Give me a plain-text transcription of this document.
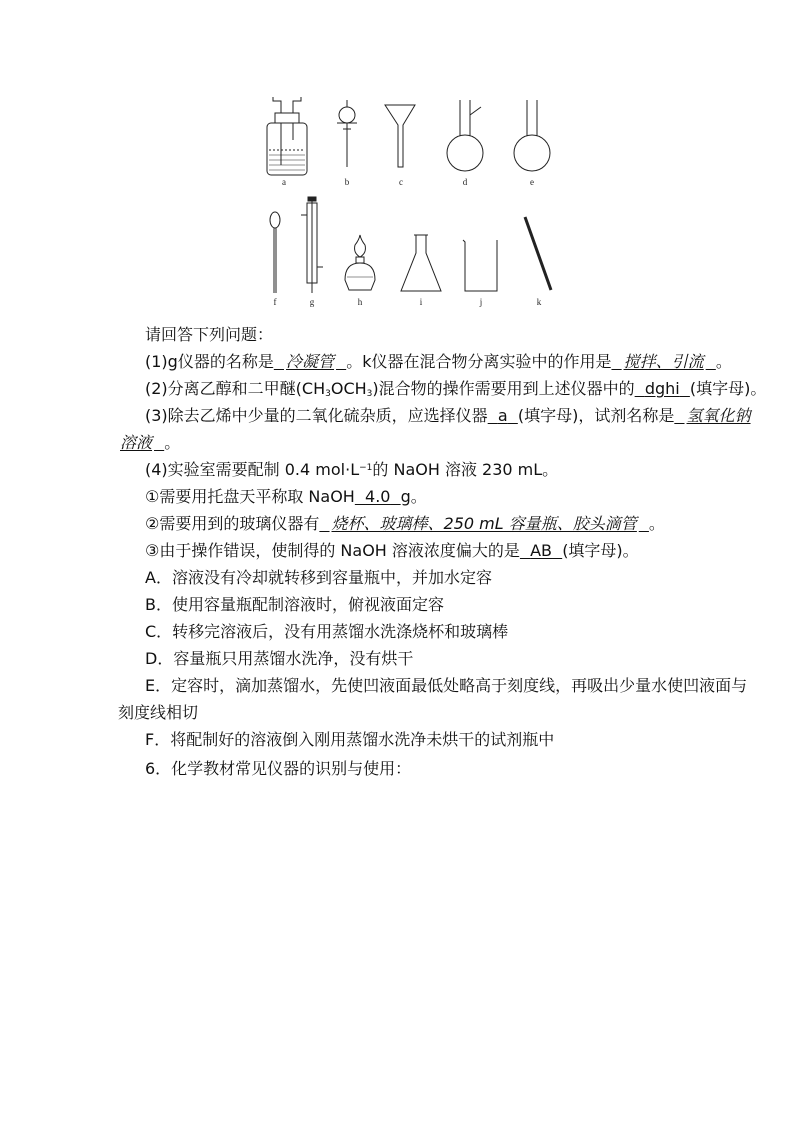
a	b	c	d	e
f	g	h	i	j	k
请回答下列问题：
(1)g仪器的名称是 冷凝管 。k仪器在混合物分离实验中的作用是 搅拌、引流 。
(2)分离乙醇和二甲醚$(CH_3OCH_3)$混合物的操作需要用到上述仪器中的 dghi (填字母)。
(3)除去乙烯中少量的二氧化硫杂质，应选择仪器 a (填字母)，试剂名称是 氢氧化钠
溶液 。
(4)实验室需要配制 0.4 $mol\cdot L^{-1}$的 NaOH 溶液 230 mL。
①需要用托盘天平称取 NaOH 4.0 g。
②需要用到的玻璃仪器有 烧杯、玻璃棒、250 mL 容量瓶、胶头滴管 。
③由于操作错误，使制得的 NaOH 溶液浓度偏大的是 AB (填字母)。
A．溶液没有冷却就转移到容量瓶中，并加水定容
B．使用容量瓶配制溶液时，俯视液面定容
C．转移完溶液后，没有用蒸馏水洗涤烧杯和玻璃棒
D．容量瓶只用蒸馏水洗净，没有烘干
E．定容时，滴加蒸馏水，先使凹液面最低处略高于刻度线，再吸出少量水使凹液面与
刻度线相切
F．将配制好的溶液倒入刚用蒸馏水洗净未烘干的试剂瓶中
6．化学教材常见仪器的识别与使用：
